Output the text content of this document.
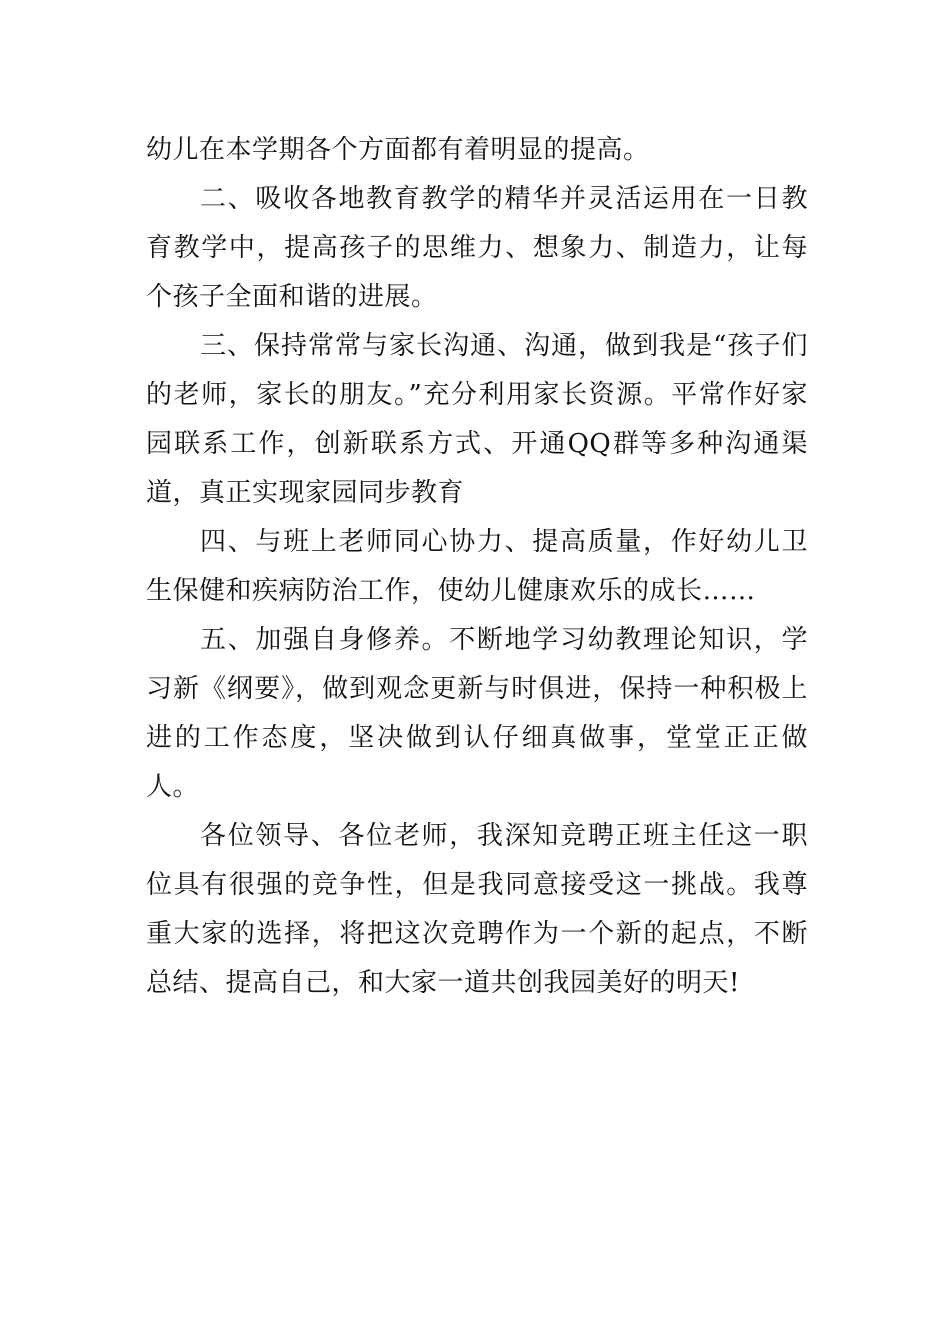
幼儿在本学期各个方面都有着明显的提高。

二、吸收各地教育教学的精华并灵活运用在一日教育教学中，提高孩子的思维力、想象力、制造力，让每个孩子全面和谐的进展。

三、保持常常与家长沟通、沟通，做到我是“孩子们的老师，家长的朋友。”充分利用家长资源。平常作好家园联系工作，创新联系方式、开通QQ群等多种沟通渠道，真正实现家园同步教育

四、与班上老师同心协力、提高质量，作好幼儿卫生保健和疾病防治工作，使幼儿健康欢乐的成长……

五、加强自身修养。不断地学习幼教理论知识，学习新《纲要》，做到观念更新与时俱进，保持一种积极上进的工作态度，坚决做到认仔细真做事，堂堂正正做人。

各位领导、各位老师，我深知竞聘正班主任这一职位具有很强的竞争性，但是我同意接受这一挑战。我尊重大家的选择，将把这次竞聘作为一个新的起点，不断总结、提高自己，和大家一道共创我园美好的明天!
